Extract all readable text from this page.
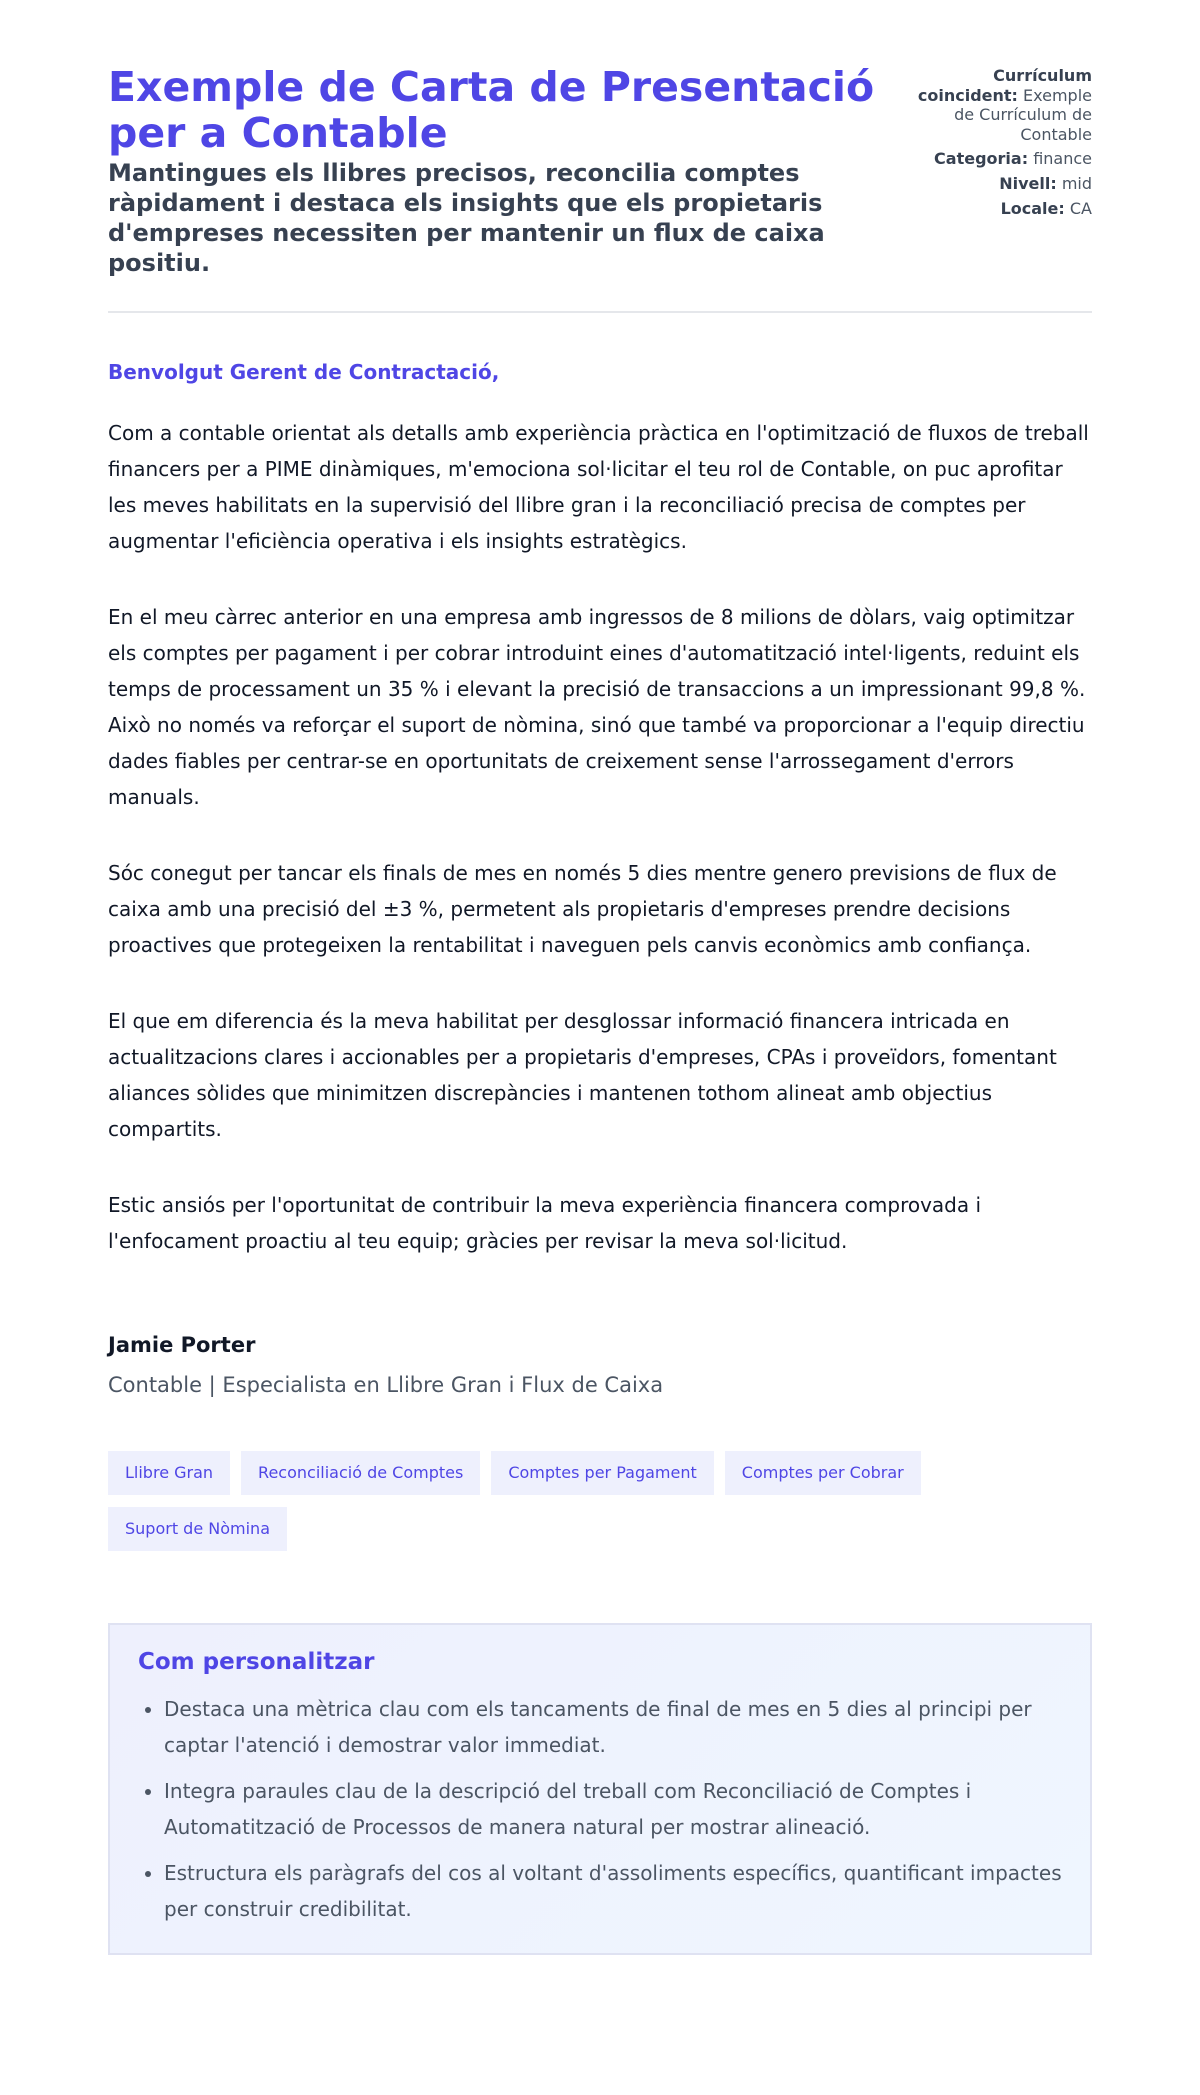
Exemple de Carta de Presentació per a Contable
Mantingues els llibres precisos, reconcilia comptes ràpidament i destaca els insights que els propietaris d'empreses necessiten per mantenir un flux de caixa positiu.
Currículum coincident: Exemple de Currículum de Contable
Categoria: finance
Nivell: mid
Locale: CA

Benvolgut Gerent de Contractació,

Com a contable orientat als detalls amb experiència pràctica en l'optimització de fluxos de treball financers per a PIME dinàmiques, m'emociona sol·licitar el teu rol de Contable, on puc aprofitar les meves habilitats en la supervisió del llibre gran i la reconciliació precisa de comptes per augmentar l'eficiència operativa i els insights estratègics.

En el meu càrrec anterior en una empresa amb ingressos de 8 milions de dòlars, vaig optimitzar els comptes per pagament i per cobrar introduint eines d'automatització intel·ligents, reduint els temps de processament un 35 % i elevant la precisió de transaccions a un impressionant 99,8 %. Això no només va reforçar el suport de nòmina, sinó que també va proporcionar a l'equip directiu dades fiables per centrar-se en oportunitats de creixement sense l'arrossegament d'errors manuals.

Sóc conegut per tancar els finals de mes en només 5 dies mentre genero previsions de flux de caixa amb una precisió del ±3 %, permetent als propietaris d'empreses prendre decisions proactives que protegeixen la rentabilitat i naveguen pels canvis econòmics amb confiança.

El que em diferencia és la meva habilitat per desglossar informació financera intricada en actualitzacions clares i accionables per a propietaris d'empreses, CPAs i proveïdors, fomentant aliances sòlides que minimitzen discrepàncies i mantenen tothom alineat amb objectius compartits.

Estic ansiós per l'oportunitat de contribuir la meva experiència financera comprovada i l'enfocament proactiu al teu equip; gràcies per revisar la meva sol·licitud.

Jamie Porter

Contable | Especialista en Llibre Gran i Flux de Caixa

Llibre Gran	Reconciliació de Comptes	Comptes per Pagament	Comptes per Cobrar
Suport de Nòmina
Com personalitzar
• Destaca una mètrica clau com els tancaments de final de mes en 5 dies al principi per captar l'atenció i demostrar valor immediat.
• Integra paraules clau de la descripció del treball com Reconciliació de Comptes i Automatització de Processos de manera natural per mostrar alineació.
• Estructura els paràgrafs del cos al voltant d'assoliments específics, quantificant impactes per construir credibilitat.
